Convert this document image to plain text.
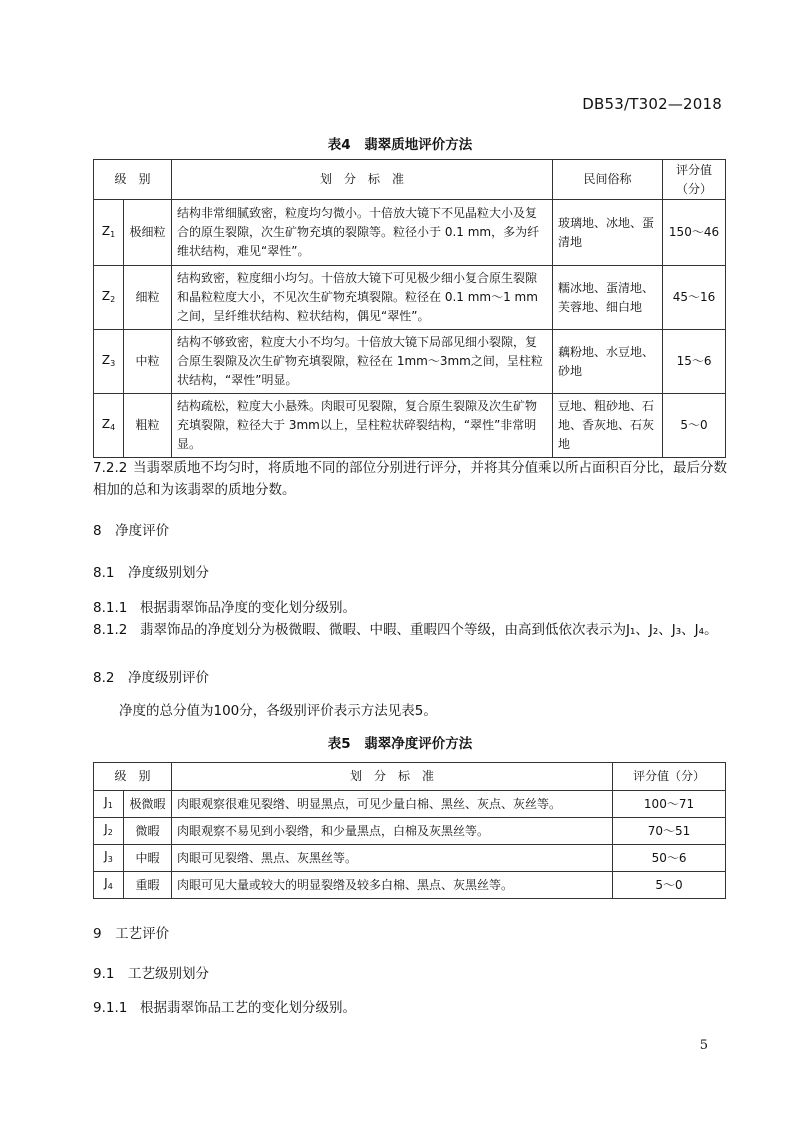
DB53/T302—2018
表4　翡翠质地评价方法
级　别		划　分　标　准	民间俗称	评分值（分）
$Z_1$	极细粒	结构非常细腻致密，粒度均匀微小。十倍放大镜下不见晶粒大小及复合的原生裂隙，次生矿物充填的裂隙等。粒径小于 0.1 mm，多为纤维状结构，难见“翠性”。	玻璃地、冰地、蛋清地	150～46
$Z_2$	细粒	结构致密，粒度细小均匀。十倍放大镜下可见极少细小复合原生裂隙和晶粒粒度大小，不见次生矿物充填裂隙。粒径在 0.1 mm～1 mm之间，呈纤维状结构、粒状结构，偶见“翠性”。	糯冰地、蛋清地、芙蓉地、细白地	45～16
$Z_3$	中粒	结构不够致密，粒度大小不均匀。十倍放大镜下局部见细小裂隙，复合原生裂隙及次生矿物充填裂隙，粒径在 1mm～3mm之间，呈柱粒状结构，“翠性”明显。	藕粉地、水豆地、砂地	15～6
$Z_4$	粗粒	结构疏松，粒度大小悬殊。肉眼可见裂隙，复合原生裂隙及次生矿物充填裂隙，粒径大于 3mm以上，呈柱粒状碎裂结构，“翠性”非常明显。	豆地、粗砂地、石地、香灰地、石灰地	5～0
7.2.2 当翡翠质地不均匀时，将质地不同的部位分别进行评分，并将其分值乘以所占面积百分比，最后分数相加的总和为该翡翠的质地分数。
8　净度评价
8.1　净度级别划分
8.1.1 根据翡翠饰品净度的变化划分级别。
8.1.2 翡翠饰品的净度划分为极微暇、微暇、中暇、重暇四个等级，由高到低依次表示为J₁、J₂、J₃、J₄。
8.2　净度级别评价
净度的总分值为100分，各级别评价表示方法见表5。
表5　翡翠净度评价方法
级　别		划　分　标　准	评分值（分）
$J_1$	极微暇	肉眼观察很难见裂绺、明显黑点，可见少量白棉、黑丝、灰点、灰丝等。	100～71
$J_2$	微暇	肉眼观察不易见到小裂绺，和少量黑点，白棉及灰黑丝等。	70～51
$J_3$	中暇	肉眼可见裂绺、黑点、灰黑丝等。	50～6
$J_4$	重暇	肉眼可见大量或较大的明显裂绺及较多白棉、黑点、灰黑丝等。	5～0
9　工艺评价
9.1　工艺级别划分
9.1.1 根据翡翠饰品工艺的变化划分级别。
5
